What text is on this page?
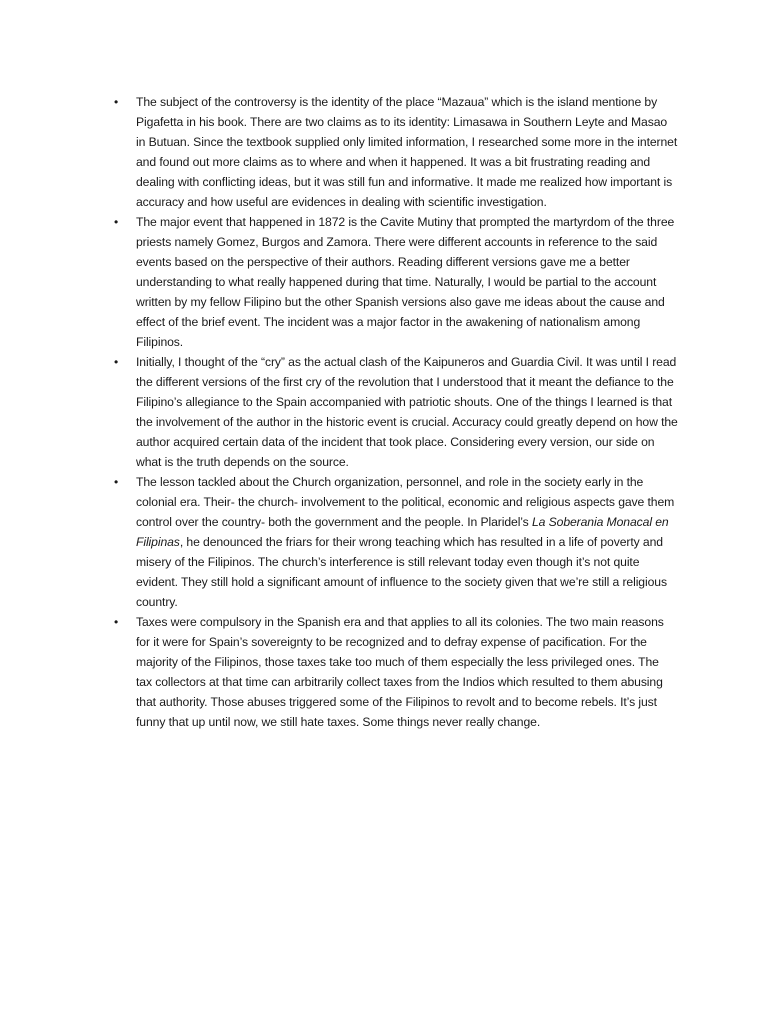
•	The subject of the controversy is the identity of the place “Mazaua” which is the island mentione by Pigafetta in his book. There are two claims as to its identity: Limasawa in Southern Leyte and Masao in Butuan. Since the textbook supplied only limited information, I researched some more in the internet and found out more claims as to where and when it happened. It was a bit frustrating reading and dealing with conflicting ideas, but it was still fun and informative. It made me realized how important is accuracy and how useful are evidences in dealing with scientific investigation.
•	The major event that happened in 1872 is the Cavite Mutiny that prompted the martyrdom of the three priests namely Gomez, Burgos and Zamora. There were different accounts in reference to the said events based on the perspective of their authors. Reading different versions gave me a better understanding to what really happened during that time. Naturally, I would be partial to the account written by my fellow Filipino but the other Spanish versions also gave me ideas about the cause and effect of the brief event. The incident was a major factor in the awakening of nationalism among Filipinos.
•	Initially, I thought of the “cry” as the actual clash of the Kaipuneros and Guardia Civil. It was until I read the different versions of the first cry of the revolution that I understood that it meant the defiance to the Filipino’s allegiance to the Spain accompanied with patriotic shouts. One of the things I learned is that the involvement of the author in the historic event is crucial. Accuracy could greatly depend on how the author acquired certain data of the incident that took place. Considering every version, our side on what is the truth depends on the source.
•	The lesson tackled about the Church organization, personnel, and role in the society early in the colonial era. Their- the church- involvement to the political, economic and religious aspects gave them control over the country- both the government and the people. In Plaridel’s La Soberania Monacal en Filipinas, he denounced the friars for their wrong teaching which has resulted in a life of poverty and misery of the Filipinos. The church’s interference is still relevant today even though it’s not quite evident. They still hold a significant amount of influence to the society given that we’re still a religious country.
•	Taxes were compulsory in the Spanish era and that applies to all its colonies. The two main reasons for it were for Spain’s sovereignty to be recognized and to defray expense of pacification. For the majority of the Filipinos, those taxes take too much of them especially the less privileged ones. The tax collectors at that time can arbitrarily collect taxes from the Indios which resulted to them abusing that authority. Those abuses triggered some of the Filipinos to revolt and to become rebels. It’s just funny that up until now, we still hate taxes. Some things never really change.
